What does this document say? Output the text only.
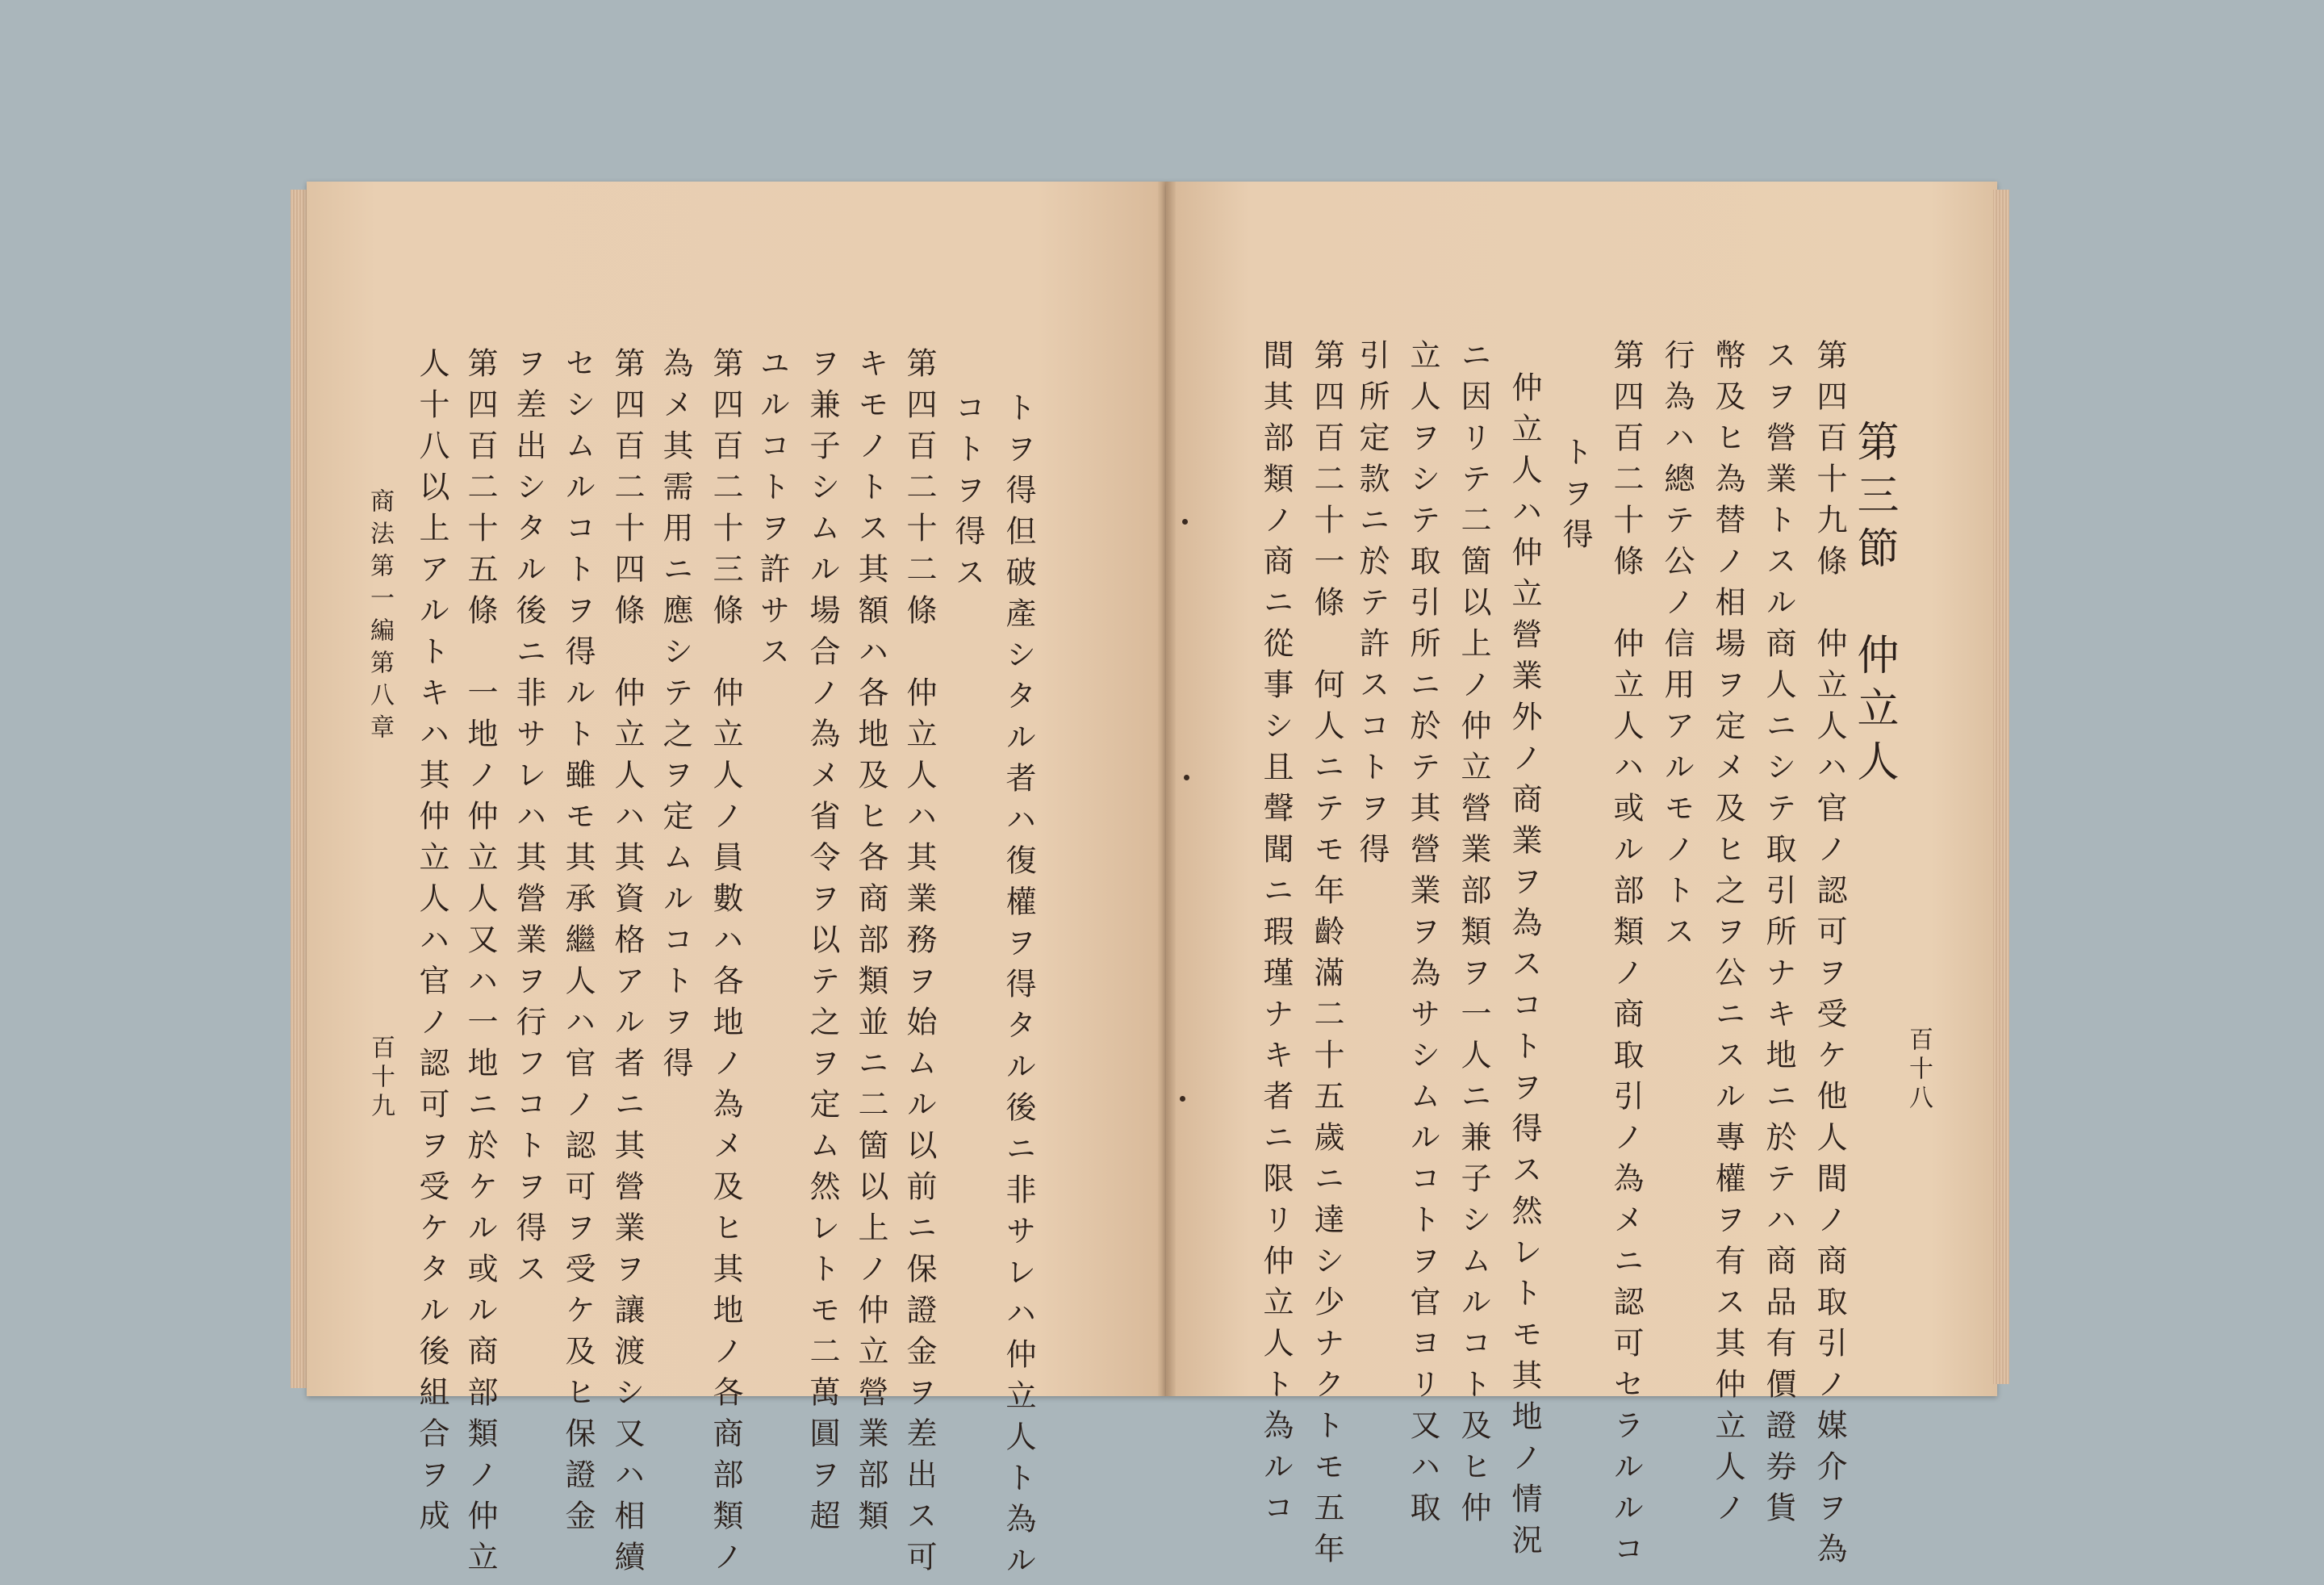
百十八
第三節　仲立人
第四百十九條　仲立人ハ官ノ認可ヲ受ケ他人間ノ商取引ノ媒介ヲ為
スヲ營業トスル商人ニシテ取引所ナキ地ニ於テハ商品有價證券貨
幣及ヒ為替ノ相場ヲ定メ及ヒ之ヲ公ニスル專權ヲ有ス其仲立人ノ
行為ハ總テ公ノ信用アルモノトス
第四百二十條　仲立人ハ或ル部類ノ商取引ノ為メニ認可セラルルコ
トヲ得
仲立人ハ仲立營業外ノ商業ヲ為スコトヲ得ス然レトモ其地ノ情況
ニ因リテ二箇以上ノ仲立營業部類ヲ一人ニ兼子シムルコト及ヒ仲
立人ヲシテ取引所ニ於テ其營業ヲ為サシムルコトヲ官ヨリ又ハ取
引所定款ニ於テ許スコトヲ得
第四百二十一條　何人ニテモ年齡滿二十五歲ニ達シ少ナクトモ五年
間其部類ノ商ニ從事シ且聲聞ニ瑕瑾ナキ者ニ限リ仲立人ト為ルコ
トヲ得但破產シタル者ハ復權ヲ得タル後ニ非サレハ仲立人ト為ル
コトヲ得ス
第四百二十二條　仲立人ハ其業務ヲ始ムル以前ニ保證金ヲ差出ス可
キモノトス其額ハ各地及ヒ各商部類並ニ二箇以上ノ仲立營業部類
ヲ兼子シムル場合ノ為メ省令ヲ以テ之ヲ定ム然レトモ二萬圓ヲ超
ユルコトヲ許サス
第四百二十三條　仲立人ノ員數ハ各地ノ為メ及ヒ其地ノ各商部類ノ
為メ其需用ニ應シテ之ヲ定ムルコトヲ得
第四百二十四條　仲立人ハ其資格アル者ニ其營業ヲ讓渡シ又ハ相續
セシムルコトヲ得ルト雖モ其承繼人ハ官ノ認可ヲ受ケ及ヒ保證金
ヲ差出シタル後ニ非サレハ其營業ヲ行フコトヲ得ス
第四百二十五條　一地ノ仲立人又ハ一地ニ於ケル或ル商部類ノ仲立
人十八以上アルトキハ其仲立人ハ官ノ認可ヲ受ケタル後組合ヲ成
商法第一編第八章
百十九
